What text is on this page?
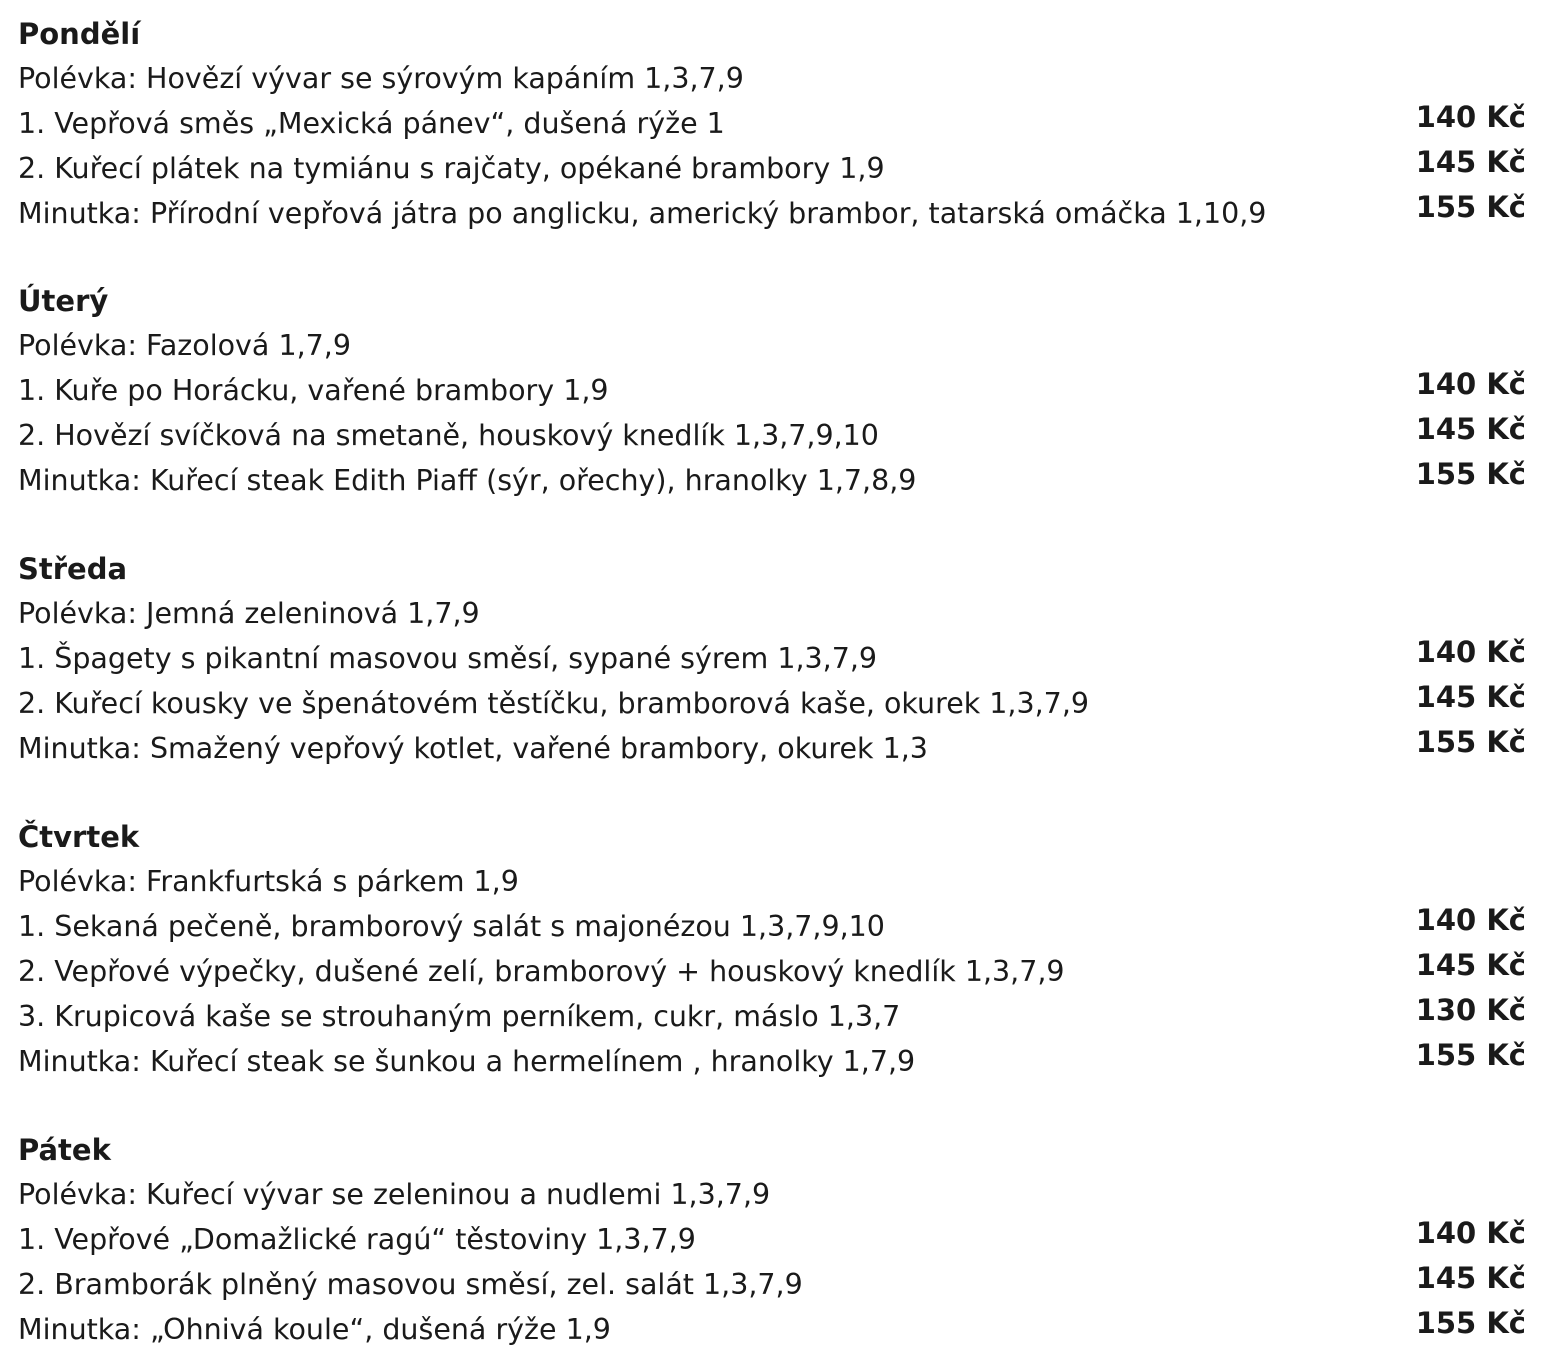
Pondělí
Polévka: Hovězí vývar se sýrovým kapáním 1,3,7,9
1. Vepřová směs „Mexická pánev“, dušená rýže 1	140 Kč
2. Kuřecí plátek na tymiánu s rajčaty, opékané brambory 1,9	145 Kč
Minutka: Přírodní vepřová játra po anglicku, americký brambor, tatarská omáčka 1,10,9	155 Kč
Úterý
Polévka: Fazolová 1,7,9
1. Kuře po Horácku, vařené brambory 1,9	140 Kč
2. Hovězí svíčková na smetaně, houskový knedlík 1,3,7,9,10	145 Kč
Minutka: Kuřecí steak Edith Piaff (sýr, ořechy), hranolky 1,7,8,9	155 Kč
Středa
Polévka: Jemná zeleninová 1,7,9
1. Špagety s pikantní masovou směsí, sypané sýrem 1,3,7,9	140 Kč
2. Kuřecí kousky ve špenátovém těstíčku, bramborová kaše, okurek 1,3,7,9	145 Kč
Minutka: Smažený vepřový kotlet, vařené brambory, okurek 1,3	155 Kč
Čtvrtek
Polévka: Frankfurtská s párkem 1,9
1. Sekaná pečeně, bramborový salát s majonézou 1,3,7,9,10	140 Kč
2. Vepřové výpečky, dušené zelí, bramborový + houskový knedlík 1,3,7,9	145 Kč
3. Krupicová kaše se strouhaným perníkem, cukr, máslo 1,3,7	130 Kč
Minutka: Kuřecí steak se šunkou a hermelínem , hranolky 1,7,9	155 Kč
Pátek
Polévka: Kuřecí vývar se zeleninou a nudlemi 1,3,7,9
1. Vepřové „Domažlické ragú“ těstoviny 1,3,7,9	140 Kč
2. Bramborák plněný masovou směsí, zel. salát 1,3,7,9	145 Kč
Minutka: „Ohnivá koule“, dušená rýže 1,9	155 Kč
